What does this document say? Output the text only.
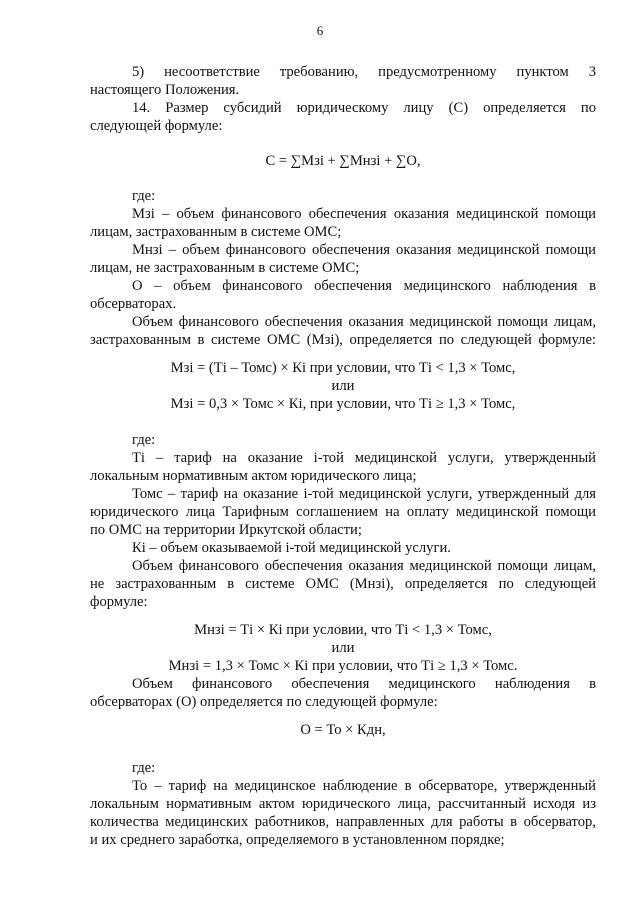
6
5) несоответствие требованию, предусмотренному пунктом 3
настоящего Положения.
14. Размер субсидий юридическому лицу (С) определяется по
следующей формуле:
С = ∑Мзi + ∑Мнзi + ∑О,
где:
Мзi – объем финансового обеспечения оказания медицинской помощи
лицам, застрахованным в системе ОМС;
Мнзi – объем финансового обеспечения оказания медицинской помощи
лицам, не застрахованным в системе ОМС;
О – объем финансового обеспечения медицинского наблюдения в
обсерваторах.
Объем финансового обеспечения оказания медицинской помощи лицам,
застрахованным в системе ОМС (Мзi), определяется по следующей формуле:
Мзi = (Тi – Томс) × Кi при условии, что Тi < 1,3 × Томс,
или
Мзi = 0,3 × Томс × Кi, при условии, что Тi ≥ 1,3 × Томс,
где:
Тi – тариф на оказание i-той медицинской услуги, утвержденный
локальным нормативным актом юридического лица;
Томс – тариф на оказание i-той медицинской услуги, утвержденный для
юридического лица Тарифным соглашением на оплату медицинской помощи
по ОМС на территории Иркутской области;
Кi – объем оказываемой i-той медицинской услуги.
Объем финансового обеспечения оказания медицинской помощи лицам,
не застрахованным в системе ОМС (Мнзi), определяется по следующей
формуле:
Мнзi = Тi × Кi при условии, что Тi < 1,3 × Томс,
или
Мнзi = 1,3 × Томс × Кi при условии, что Тi ≥ 1,3 × Томс.
Объем финансового обеспечения медицинского наблюдения в
обсерваторах (О) определяется по следующей формуле:
О = То × Кдн,
где:
То – тариф на медицинское наблюдение в обсерваторе, утвержденный
локальным нормативным актом юридического лица, рассчитанный исходя из
количества медицинских работников, направленных для работы в обсерватор,
и их среднего заработка, определяемого в установленном порядке;
